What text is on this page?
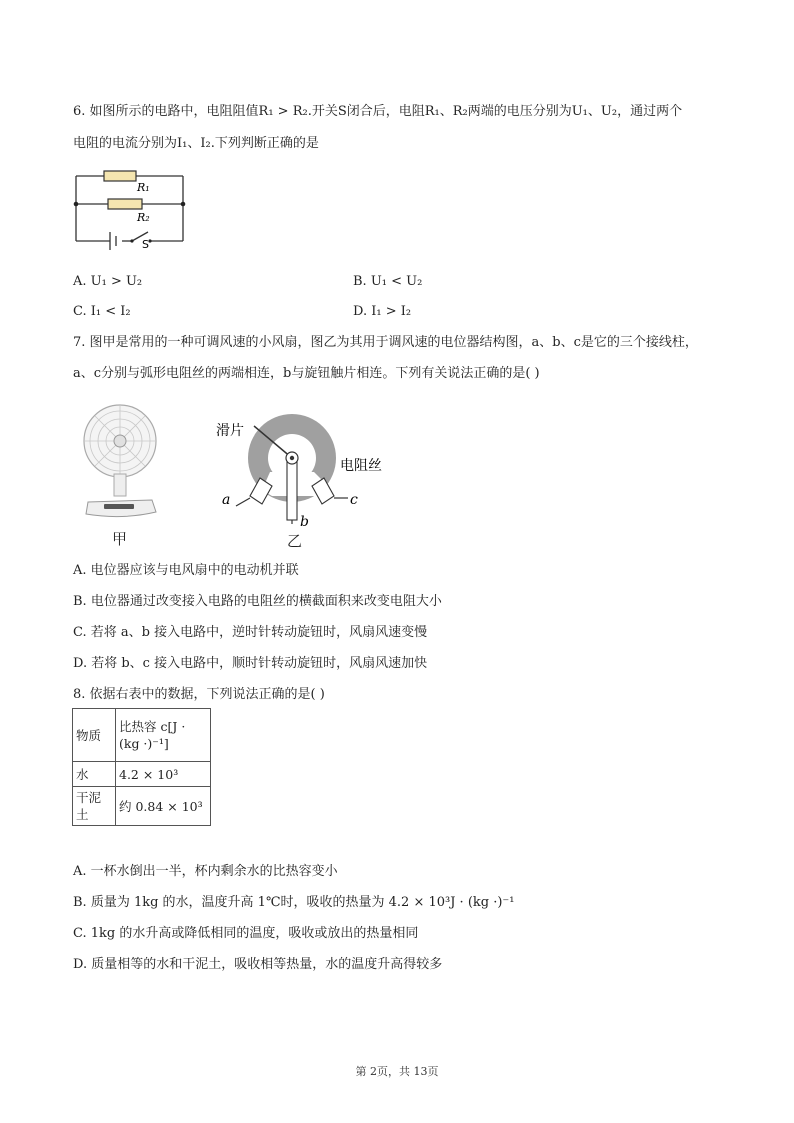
6. 如图所示的电路中，电阻阻值R₁ > R₂.开关S闭合后，电阻R₁、R₂两端的电压分别为U₁、U₂，通过两个
电阻的电流分别为I₁、I₂.下列判断正确的是
R₁
R₂
S
A. U₁ > U₂	B. U₁ < U₂
C. I₁ < I₂	D. I₁ > I₂
7. 图甲是常用的一种可调风速的小风扇，图乙为其用于调风速的电位器结构图，a、b、c是它的三个接线柱，
a、c分别与弧形电阻丝的两端相连，b与旋钮触片相连。下列有关说法正确的是( )
甲
滑片
电阻丝
a
b
c
乙
A. 电位器应该与电风扇中的电动机并联
B. 电位器通过改变接入电路的电阻丝的横截面积来改变电阻大小
C. 若将 a、b 接入电路中，逆时针转动旋钮时，风扇风速变慢
D. 若将 b、c 接入电路中，顺时针转动旋钮时，风扇风速加快
8. 依据右表中的数据，下列说法正确的是( )
物质	比热容 c[J ·
(kg ·)⁻¹]

水	4.2 × 10³
干泥土	约 0.84 × 10³
A. 一杯水倒出一半，杯内剩余水的比热容变小
B. 质量为 1kg 的水，温度升高 1℃时，吸收的热量为 4.2 × 10³J · (kg ·)⁻¹
C. 1kg 的水升高或降低相同的温度，吸收或放出的热量相同
D. 质量相等的水和干泥土，吸收相等热量，水的温度升高得较多
第 2页，共 13页
